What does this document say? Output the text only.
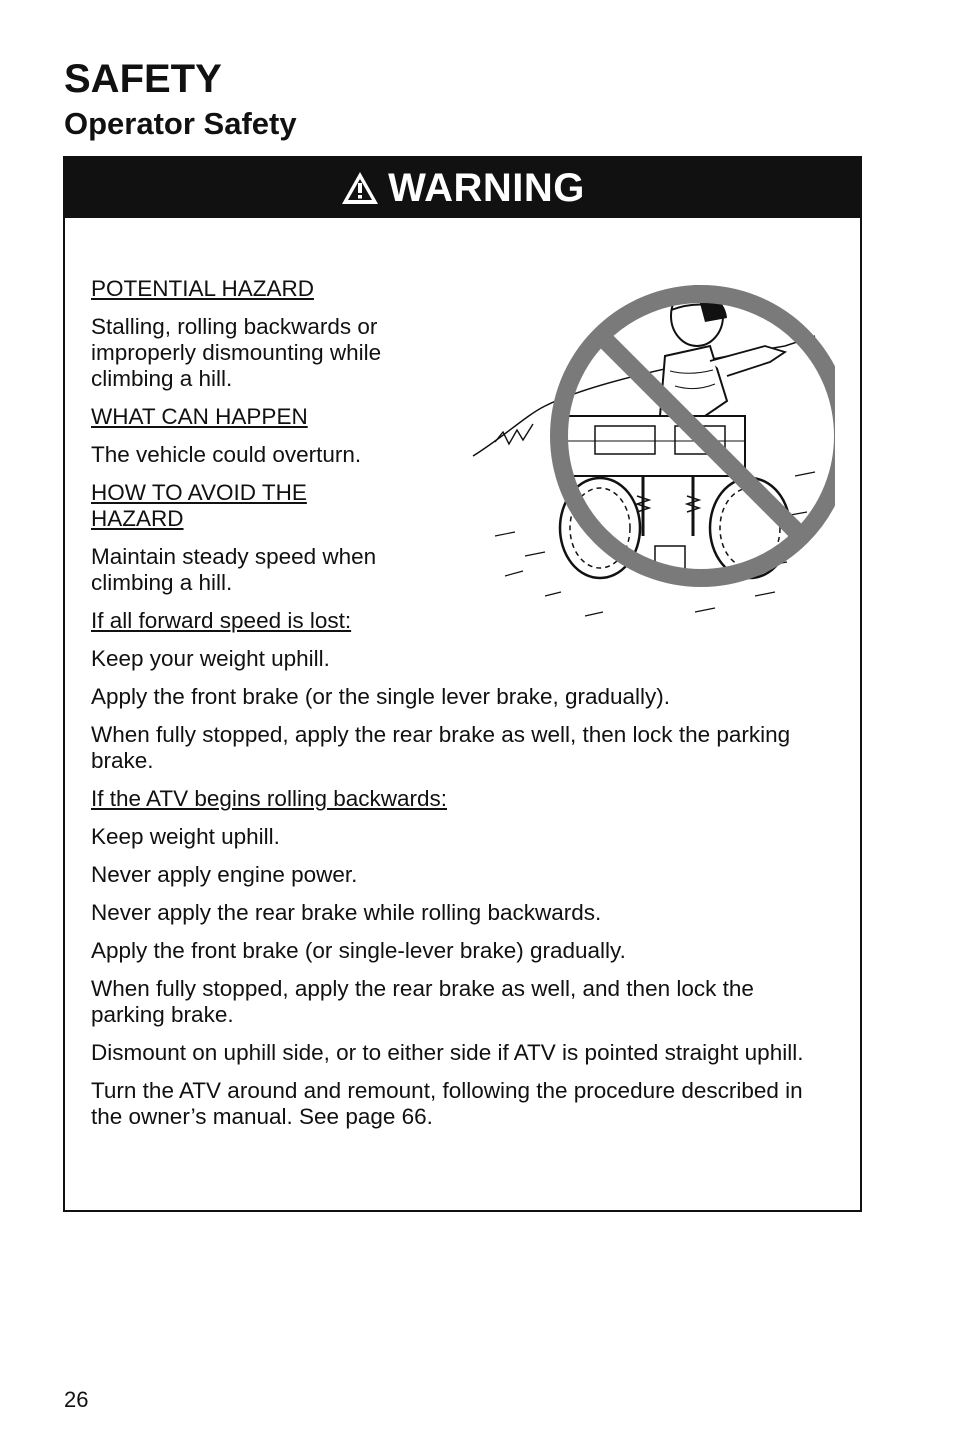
SAFETY
Operator Safety
WARNING

POTENTIAL HAZARD

Stalling, rolling backwards or improperly dismounting while climbing a hill.

WHAT CAN HAPPEN

The vehicle could overturn.

HOW TO AVOID THE HAZARD

Maintain steady speed when climbing a hill.

If all forward speed is lost:

Keep your weight uphill.

Apply the front brake (or the single lever brake, gradually).

When fully stopped, apply the rear brake as well, then lock the parking brake.

If the ATV begins rolling backwards:

Keep weight uphill.

Never apply engine power.

Never apply the rear brake while rolling backwards.

Apply the front brake (or single-lever brake) gradually.

When fully stopped, apply the rear brake as well, and then lock the parking brake.

Dismount on uphill side, or to either side if ATV is pointed straight uphill.

Turn the ATV around and remount, following the procedure described in the owner’s manual. See page 66.

26
